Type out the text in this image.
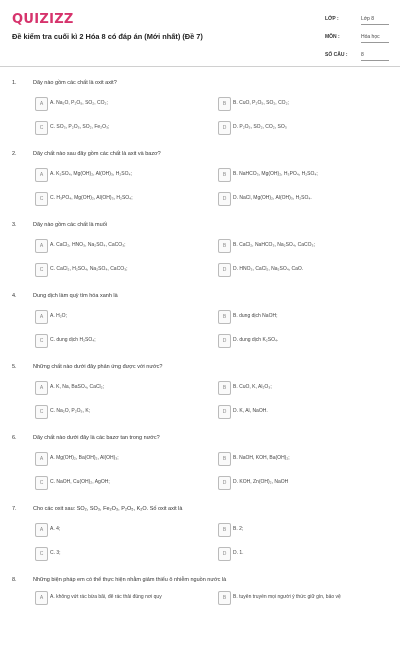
QUIZIZZ
Đề kiểm tra cuối kì 2 Hóa 8 có đáp án (Mới nhất) (Đề 7)
LỚP :	Lớp 8
MÔN :	Hóa học
SỐ CÂU :	8
1.	Dãy nào gồm các chất là oxit axit?
A	A. Na₂O, P₂O₅, SO₂, CO₂;	B	B. CuO, P₂O₅, SO₂, CO₂;
C	C. SO₃, P₂O₅, SO₂, Fe₂O₃;	D	D. P₂O₅, SO₂, CO₂, SO₃
2.	Dãy chất nào sau đây gồm các chất là axit và bazơ?
A	A. K₂SO₄, Mg(OH)₂, Al(OH)₃, H₂SO₄;	B	B. NaHCO₃, Mg(OH)₂, H₃PO₄, H₂SO₄;
C	C. H₃PO₄, Mg(OH)₂, Al(OH)₃, H₂SO₄;	D	D. NaCl, Mg(OH)₂, Al(OH)₃, H₂SO₄.
3.	Dãy nào gồm các chất là muối
A	A. CaCl₂, HNO₃, Na₂SO₄, CaCO₃;	B	B. CaCl₂, NaHCO₃, Na₂SO₄, CaCO₃;
C	C. CaCl₂, H₂SO₄, Na₂SO₄, CaCO₃;	D	D. HNO₃, CaCl₂, Na₂SO₄, CaO.
4.	Dung dịch làm quỳ tím hóa xanh là
A	A. H₂O;	B	B. dung dịch NaOH;
C	C. dung dịch H₂SO₄;	D	D. dung dịch K₂SO₄.
5.	Những chất nào dưới đây phản ứng được với nước?
A	A. K, Na, BaSO₄, CaCl₂;	B	B. CuO, K, Al₂O₃;
C	C. Na₂O, P₂O₅, K;	D	D. K, Al, NaOH.
6.	Dãy chất nào dưới đây là các bazơ tan trong nước?
A	A. Mg(OH)₂, Ba(OH)₂, Al(OH)₃;	B	B. NaOH, KOH, Ba(OH)₂;
C	C. NaOH, Cu(OH)₂, AgOH;	D	D. KOH, Zn(OH)₂, NaOH
7.	Cho các oxit sau: SO₂, SO₃, Fe₂O₃, P₂O₅, K₂O. Số oxit axit là
A	A. 4;	B	B. 2;
C	C. 3;	D	D. 1.
8.	Những biện pháp em có thể thực hiện nhằm giảm thiểu ô nhiễm nguồn nước là
A	A. không vứt rác bừa bãi, để rác thải đúng nơi quy	B	B. tuyên truyền mọi người ý thức giữ gìn, bảo vệ
